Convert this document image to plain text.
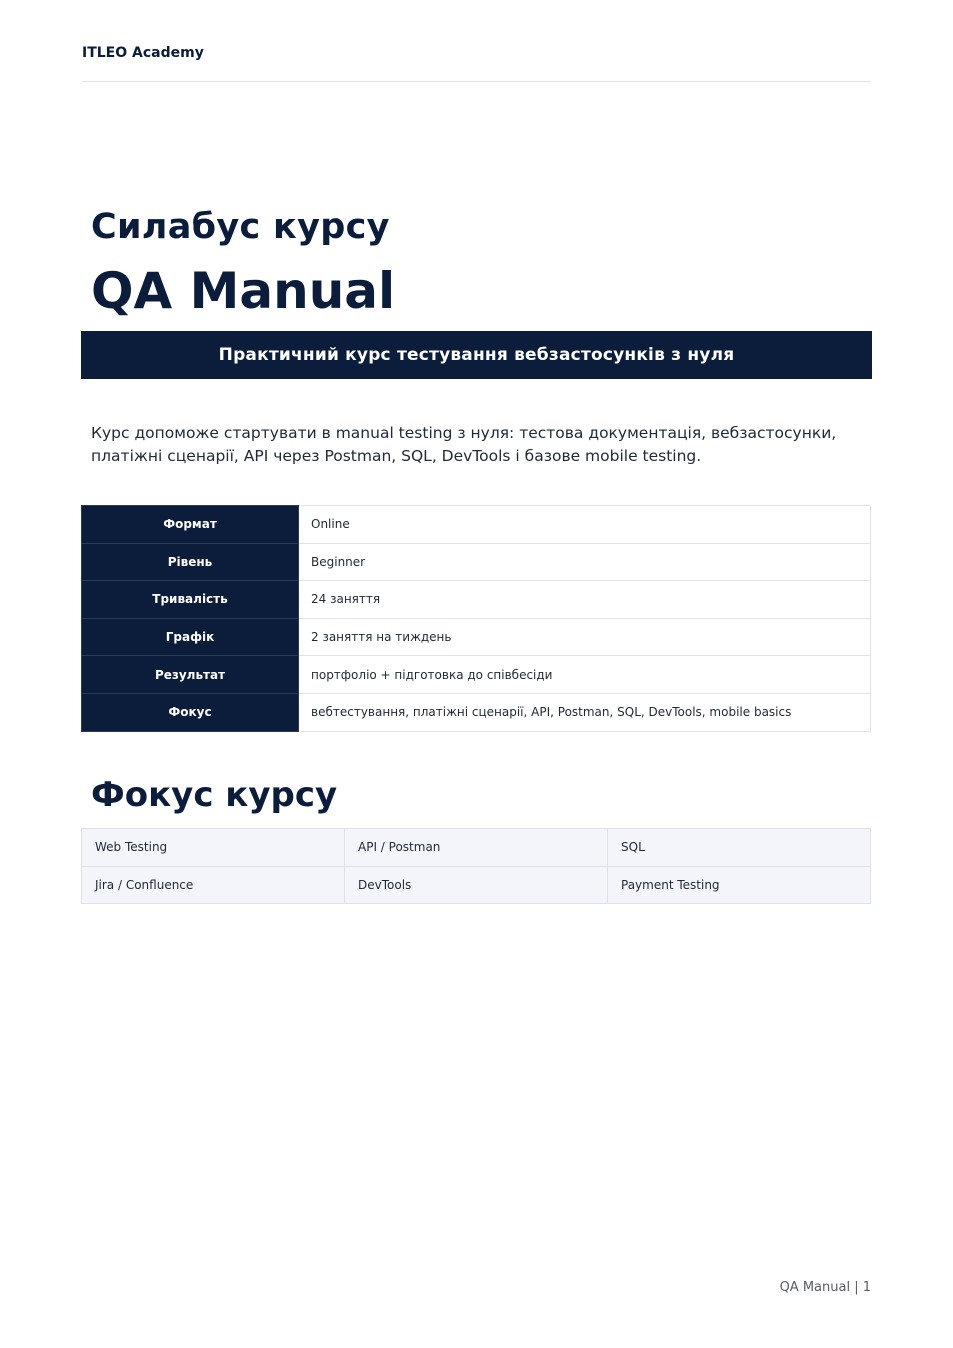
ITLEO Academy
Силабус курсу
QA Manual
Практичний курс тестування вебзастосунків з нуля
Курс допоможе стартувати в manual testing з нуля: тестова документація, вебзастосунки, платіжні сценарії, API через Postman, SQL, DevTools і базове mobile testing.
Формат	Online
Рівень	Beginner
Тривалість	24 заняття
Графік	2 заняття на тиждень
Результат	портфоліо + підготовка до співбесіди
Фокус	вебтестування, платіжні сценарії, API, Postman, SQL, DevTools, mobile basics
Фокус курсу
Web Testing	API / Postman	SQL
Jira / Confluence	DevTools	Payment Testing
QA Manual | 1
